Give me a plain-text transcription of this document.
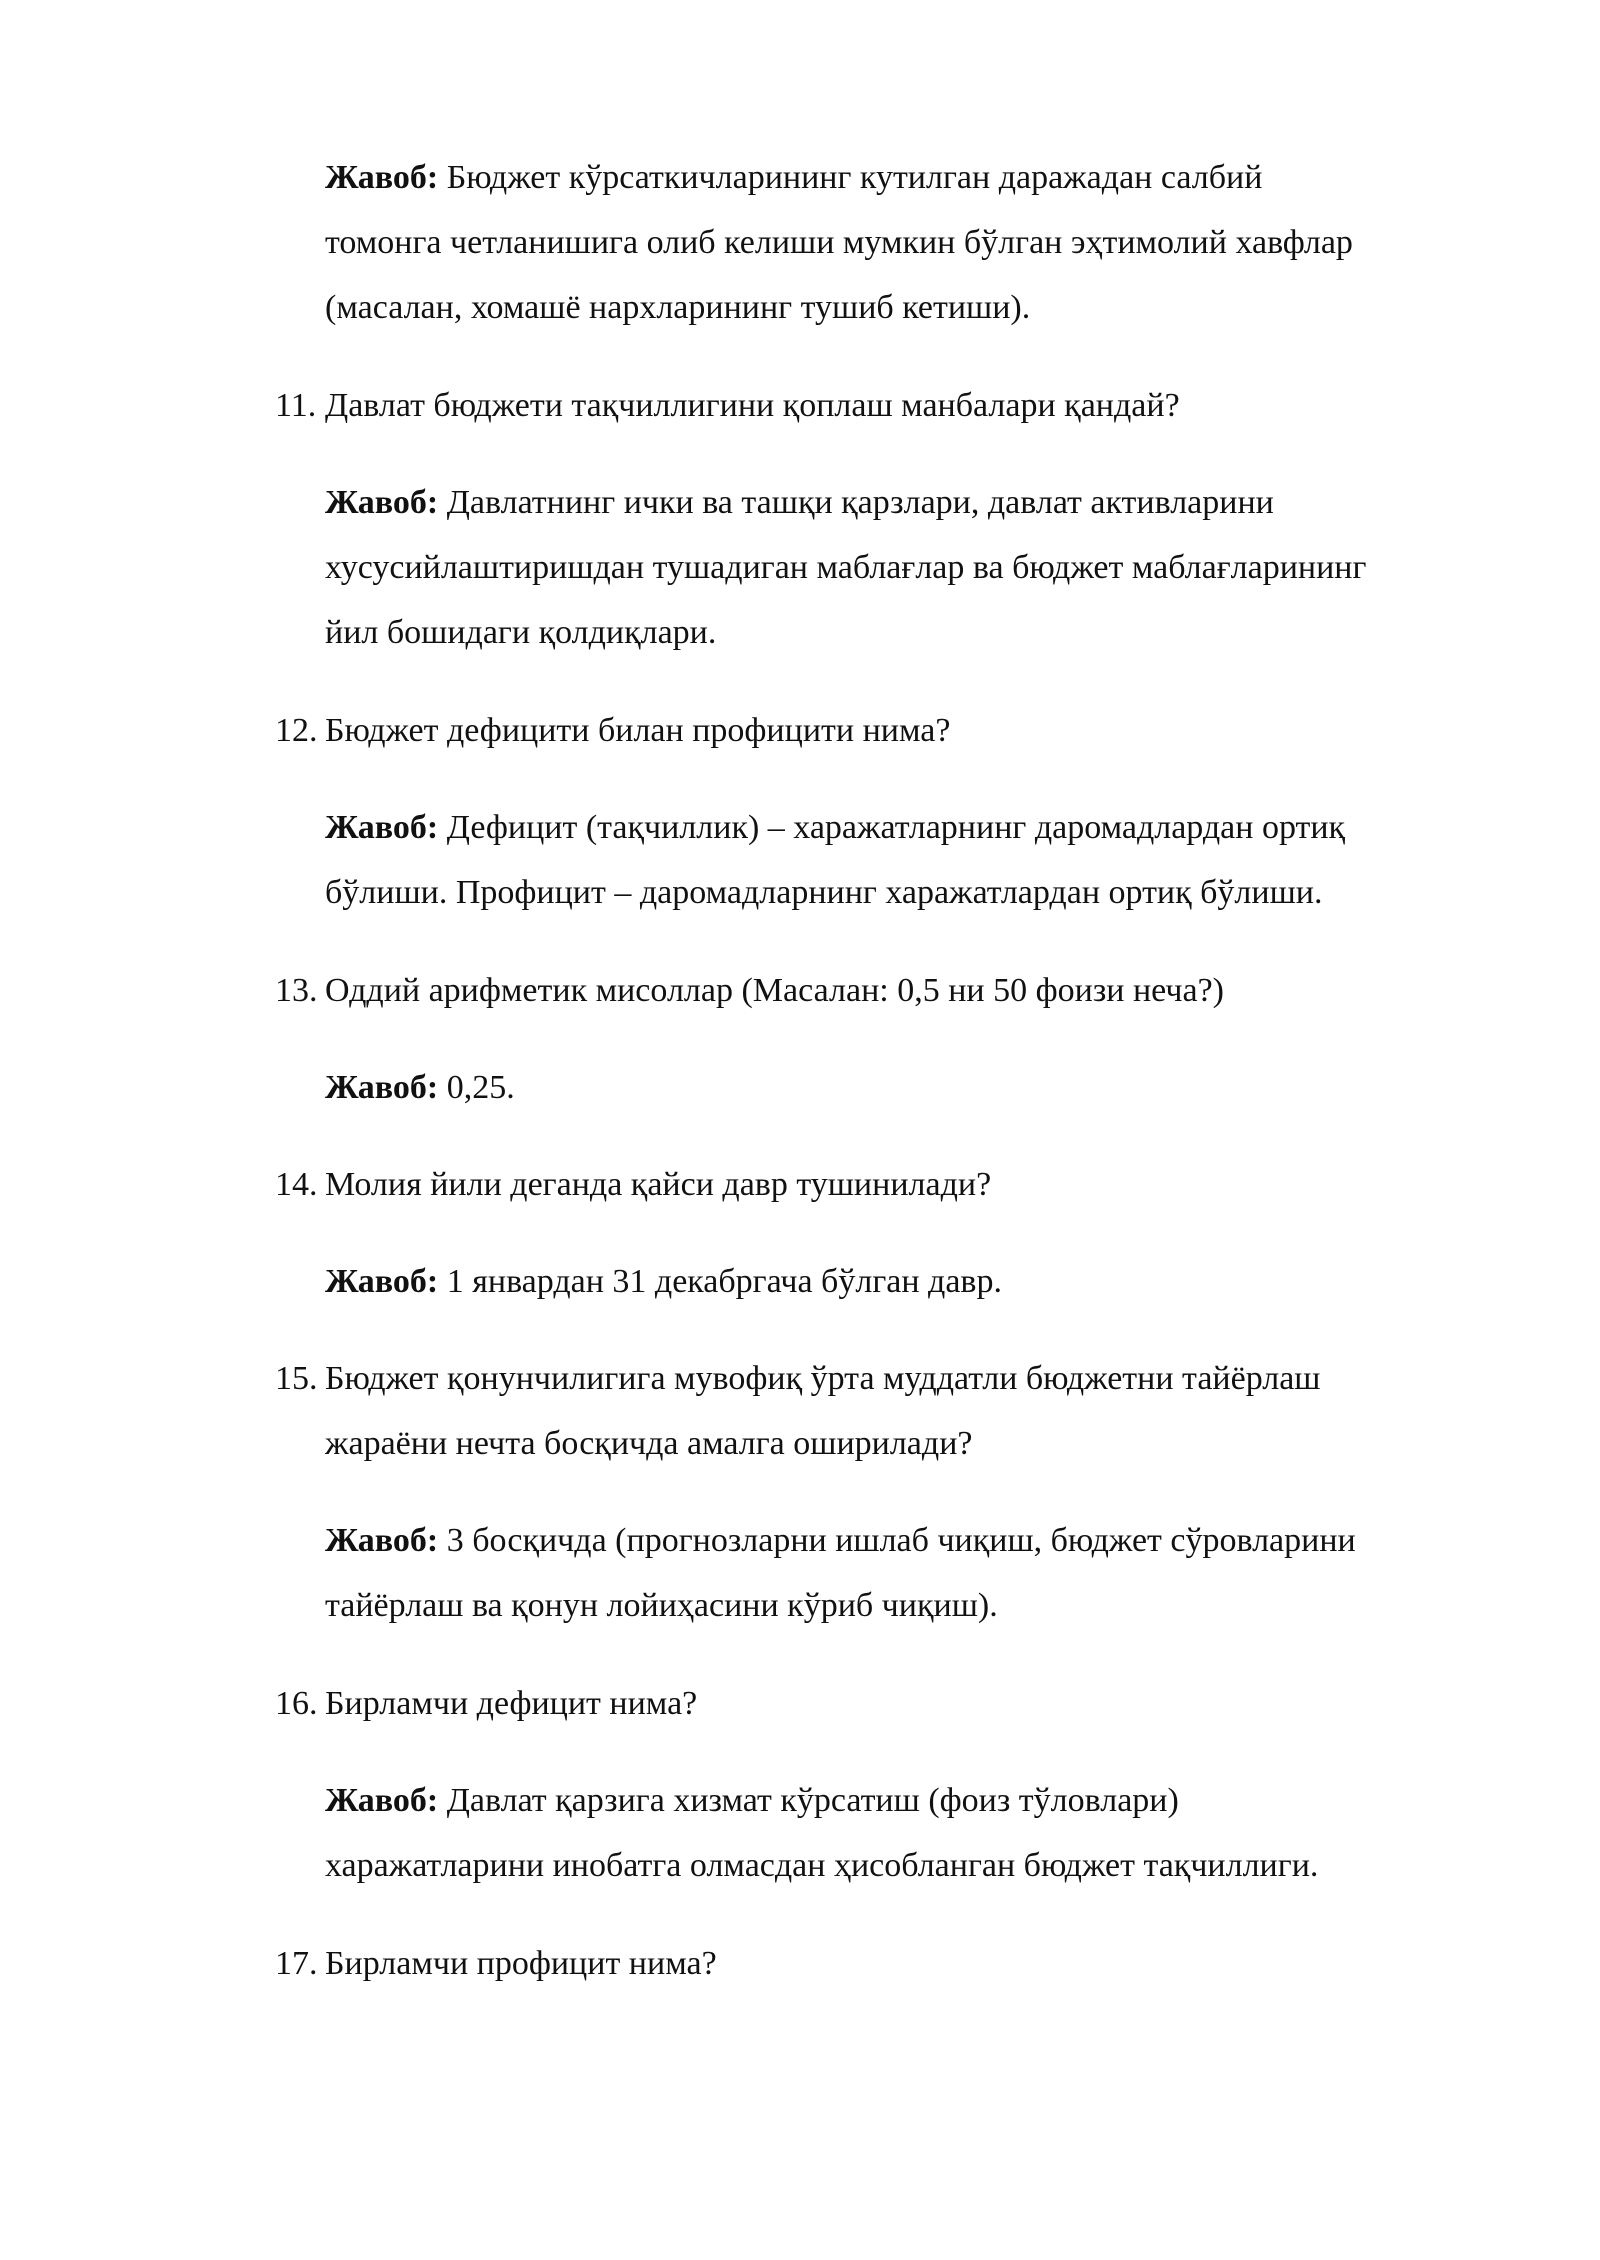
Жавоб: Бюджет кўрсаткичларининг кутилган даражадан салбий
томонга четланишига олиб келиши мумкин бўлган эҳтимолий хавфлар
(масалан, хомашё нархларининг тушиб кетиши).
11. Давлат бюджети тақчиллигини қоплаш манбалари қандай?
Жавоб: Давлатнинг ички ва ташқи қарзлари, давлат активларини
хусусийлаштиришдан тушадиган маблағлар ва бюджет маблағларининг
йил бошидаги қолдиқлари.
12. Бюджет дефицити билан профицити нима?
Жавоб: Дефицит (тақчиллик) – харажатларнинг даромадлардан ортиқ
бўлиши. Профицит – даромадларнинг харажатлардан ортиқ бўлиши.
13. Оддий арифметик мисоллар (Масалан: 0,5 ни 50 фоизи неча?)
Жавоб: 0,25.
14. Молия йили деганда қайси давр тушинилади?
Жавоб: 1 январдан 31 декабргача бўлган давр.
15. Бюджет қонунчилигига мувофиқ ўрта муддатли бюджетни тайёрлаш
жараёни нечта босқичда амалга оширилади?
Жавоб: 3 босқичда (прогнозларни ишлаб чиқиш, бюджет сўровларини
тайёрлаш ва қонун лойиҳасини кўриб чиқиш).
16. Бирламчи дефицит нима?
Жавоб: Давлат қарзига хизмат кўрсатиш (фоиз тўловлари)
харажатларини инобатга олмасдан ҳисобланган бюджет тақчиллиги.
17. Бирламчи профицит нима?
